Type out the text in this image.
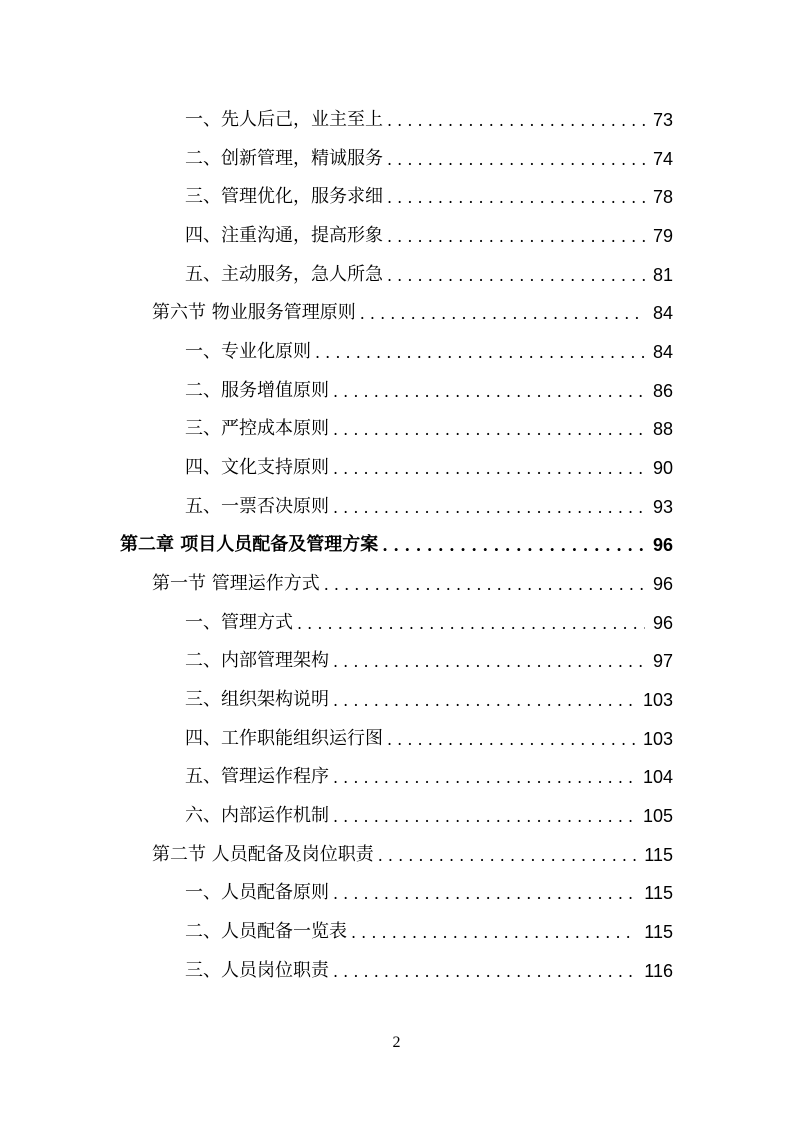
一、先人后己，业主至上 . . .	73
二、创新管理，精诚服务 . . .	74
三、管理优化，服务求细 . . .	78
四、注重沟通，提高形象 . . .	79
五、主动服务，急人所急 . . .	81
第六节 物业服务管理原则 . . .	84
一、专业化原则 . . .	84
二、服务增值原则 . . .	86
三、严控成本原则 . . .	88
四、文化支持原则 . . .	90
五、一票否决原则 . . .	93
第二章 项目人员配备及管理方案 . . .	96
第一节 管理运作方式 . . .	96
一、管理方式 . . .	96
二、内部管理架构 . . .	97
三、组织架构说明 . . .	103
四、工作职能组织运行图 . . .	103
五、管理运作程序 . . .	104
六、内部运作机制 . . .	105
第二节 人员配备及岗位职责 . . .	115
一、人员配备原则 . . .	115
二、人员配备一览表 . . .	115
三、人员岗位职责 . . .	116
2
